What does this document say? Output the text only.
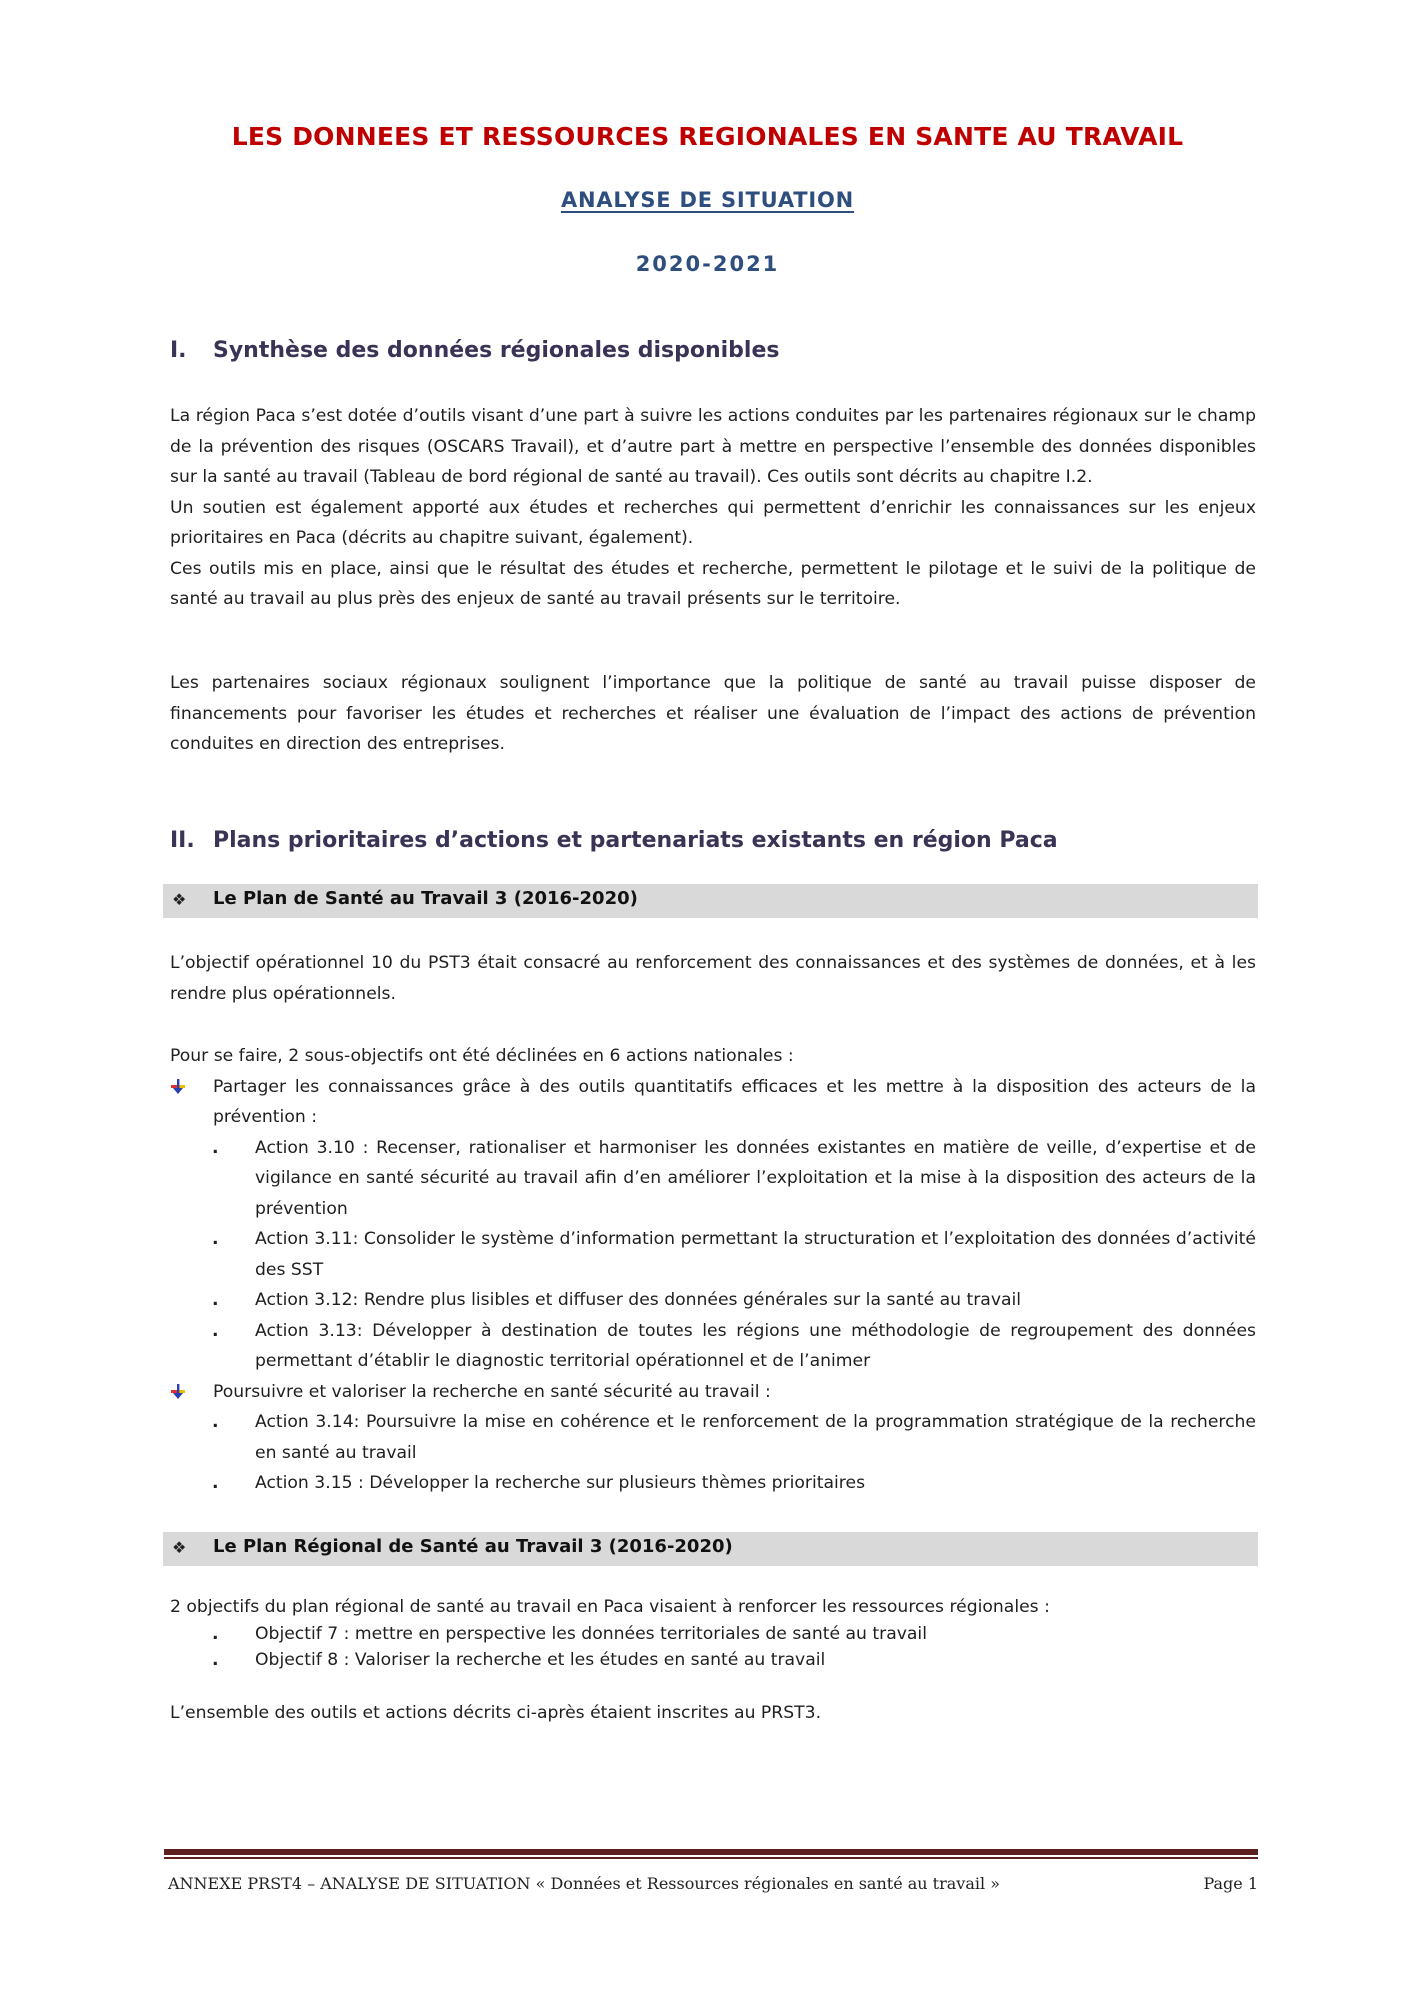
LES DONNEES ET RESSOURCES REGIONALES EN SANTE AU TRAVAIL
ANALYSE DE SITUATION
2020-2021
I. Synthèse des données régionales disponibles

La région Paca s’est dotée d’outils visant d’une part à suivre les actions conduites par les partenaires régionaux sur le champ de la prévention des risques (OSCARS Travail), et d’autre part à mettre en perspective l’ensemble des données disponibles sur la santé au travail (Tableau de bord régional de santé au travail). Ces outils sont décrits au chapitre I.2.

Un soutien est également apporté aux études et recherches qui permettent d’enrichir les connaissances sur les enjeux prioritaires en Paca (décrits au chapitre suivant, également).

Ces outils mis en place, ainsi que le résultat des études et recherche, permettent le pilotage et le suivi de la politique de santé au travail au plus près des enjeux de santé au travail présents sur le territoire.

Les partenaires sociaux régionaux soulignent l’importance que la politique de santé au travail puisse disposer de financements pour favoriser les études et recherches et réaliser une évaluation de l’impact des actions de prévention conduites en direction des entreprises.

II. Plans prioritaires d’actions et partenariats existants en région Paca
❖ Le Plan de Santé au Travail 3 (2016-2020)

L’objectif opérationnel 10 du PST3 était consacré au renforcement des connaissances et des systèmes de données, et à les rendre plus opérationnels.

Pour se faire, 2 sous-objectifs ont été déclinées en 6 actions nationales :
Partager les connaissances grâce à des outils quantitatifs efficaces et les mettre à la disposition des acteurs de la prévention :
. Action 3.10 : Recenser, rationaliser et harmoniser les données existantes en matière de veille, d’expertise et de vigilance en santé sécurité au travail afin d’en améliorer l’exploitation et la mise à la disposition des acteurs de la prévention
. Action 3.11: Consolider le système d’information permettant la structuration et l’exploitation des données d’activité des SST
. Action 3.12: Rendre plus lisibles et diffuser des données générales sur la santé au travail
. Action 3.13: Développer à destination de toutes les régions une méthodologie de regroupement des données permettant d’établir le diagnostic territorial opérationnel et de l’animer
Poursuivre et valoriser la recherche en santé sécurité au travail :
. Action 3.14: Poursuivre la mise en cohérence et le renforcement de la programmation stratégique de la recherche en santé au travail
. Action 3.15 : Développer la recherche sur plusieurs thèmes prioritaires
❖ Le Plan Régional de Santé au Travail 3 (2016-2020)
2 objectifs du plan régional de santé au travail en Paca visaient à renforcer les ressources régionales :
. Objectif 7 : mettre en perspective les données territoriales de santé au travail
. Objectif 8 : Valoriser la recherche et les études en santé au travail

L’ensemble des outils et actions décrits ci-après étaient inscrites au PRST3.

ANNEXE PRST4 – ANALYSE DE SITUATION « Données et Ressources régionales en santé au travail »	Page 1
